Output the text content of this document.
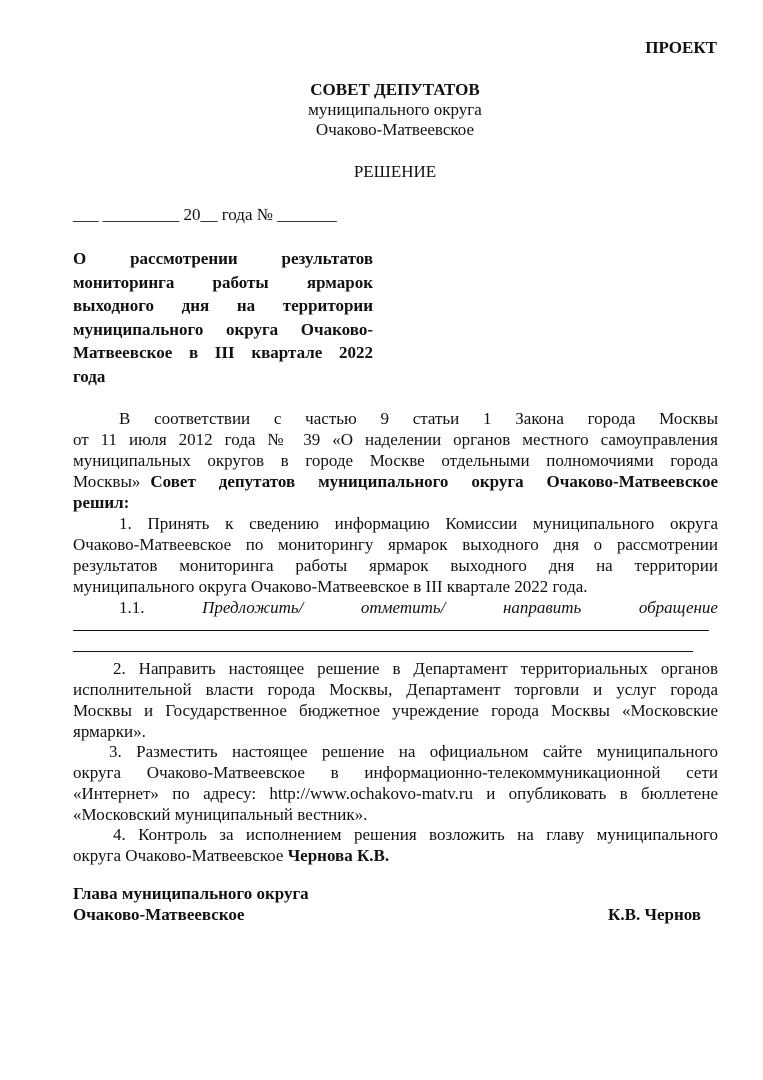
ПРОЕКТ
СОВЕТ ДЕПУТАТОВ
муниципального округа
Очаково-Матвеевское
РЕШЕНИЕ
___ _________ 20__ года № _______
О рассмотрении результатов
мониторинга работы ярмарок
выходного дня на территории
муниципального округа Очаково-
Матвеевское в III квартале 2022
года
В соответствии с частью 9 статьи 1 Закона города Москвы
от 11 июля 2012 года № 39 «О наделении органов местного самоуправления
муниципальных округов в городе Москве отдельными полномочиями города
Москвы» Совет депутатов муниципального округа Очаково-Матвеевское
решил:
1. Принять к сведению информацию Комиссии муниципального округа
Очаково-Матвеевское по мониторингу ярмарок выходного дня о рассмотрении
результатов мониторинга работы ярмарок выходного дня на территории
муниципального округа Очаково-Матвеевское в III квартале 2022 года.
1.1.	Предложить/	отметить/	направить	обращение
2. Направить настоящее решение в Департамент территориальных органов
исполнительной власти города Москвы, Департамент торговли и услуг города
Москвы и Государственное бюджетное учреждение города Москвы «Московские
ярмарки».
3. Разместить настоящее решение на официальном сайте муниципального
округа Очаково-Матвеевское в информационно-телекоммуникационной сети
«Интернет» по адресу: http://www.ochakovo-matv.ru и опубликовать в бюллетене
«Московский муниципальный вестник».
4. Контроль за исполнением решения возложить на главу муниципального
округа Очаково-Матвеевское Чернова К.В.
Глава муниципального округа
Очаково-Матвеевское	К.В. Чернов
